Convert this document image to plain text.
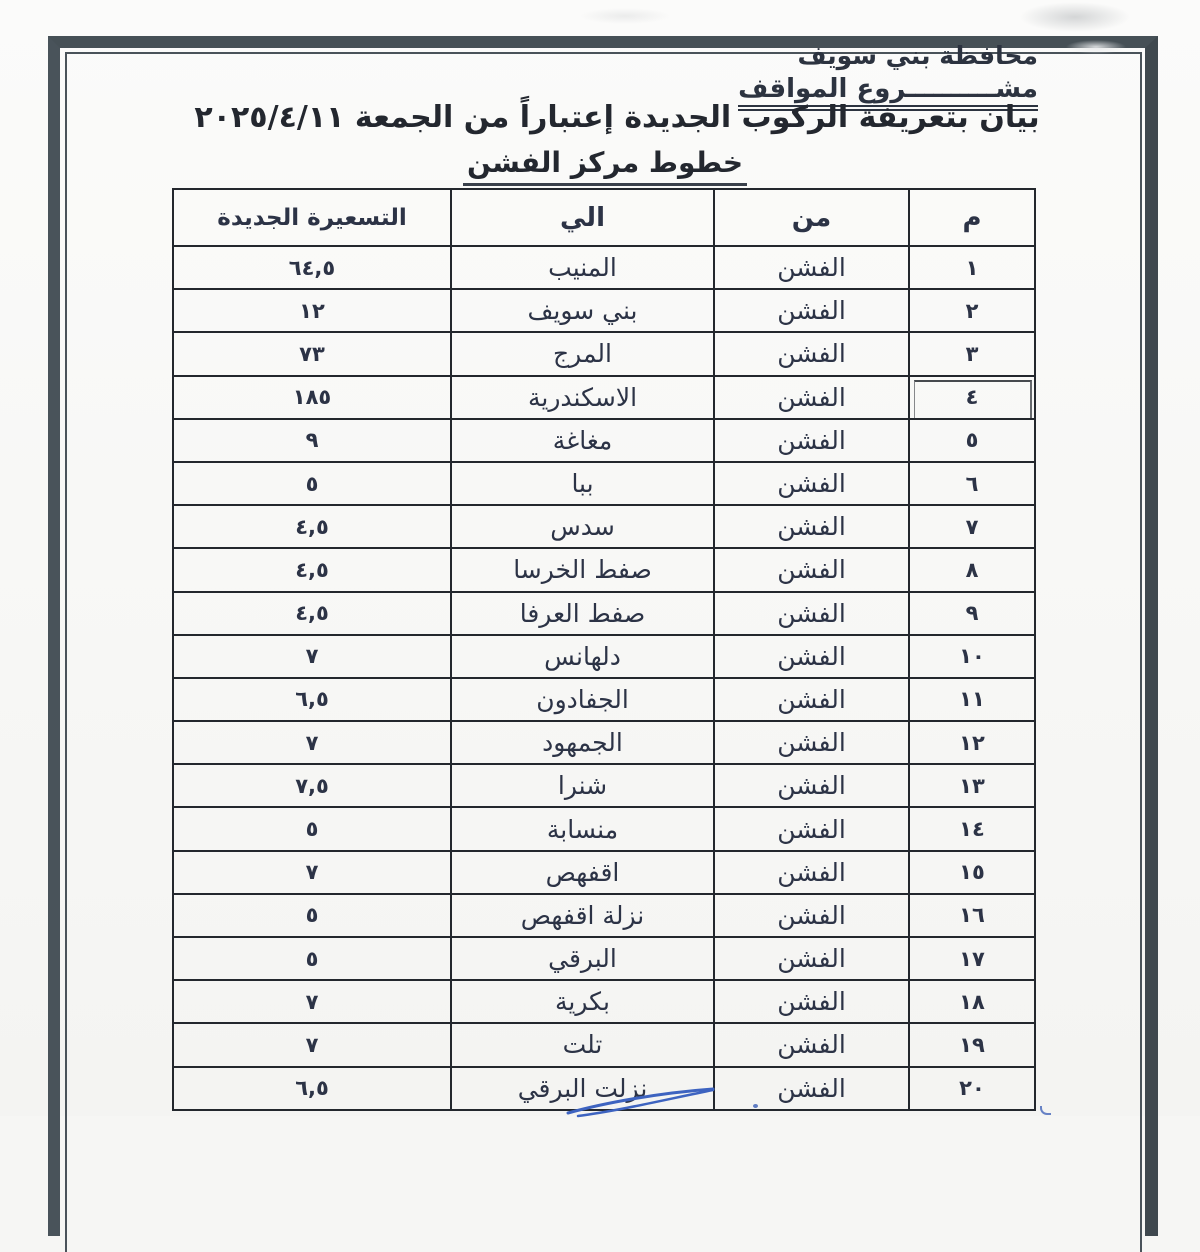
محافظة بني سويف
مشــــــــــروع المواقف
بيان بتعريفة الركوب الجديدة إعتباراً من الجمعة ٢٠٢٥/٤/١١
خطوط مركز الفشن
م	من	الي	التسعيرة الجديدة
١	الفشن	المنيب	٦٤,٥
٢	الفشن	بني سويف	١٢
٣	الفشن	المرج	٧٣
٤	الفشن	الاسكندرية	١٨٥
٥	الفشن	مغاغة	٩
٦	الفشن	ببا	٥
٧	الفشن	سدس	٤,٥
٨	الفشن	صفط الخرسا	٤,٥
٩	الفشن	صفط العرفا	٤,٥
١٠	الفشن	دلهانس	٧
١١	الفشن	الجفادون	٦,٥
١٢	الفشن	الجمهود	٧
١٣	الفشن	شنرا	٧,٥
١٤	الفشن	منسابة	٥
١٥	الفشن	اقفهص	٧
١٦	الفشن	نزلة اقفهص	٥
١٧	الفشن	البرقي	٥
١٨	الفشن	بكرية	٧
١٩	الفشن	تلت	٧
٢٠	الفشن	نزلت البرقي	٦,٥
